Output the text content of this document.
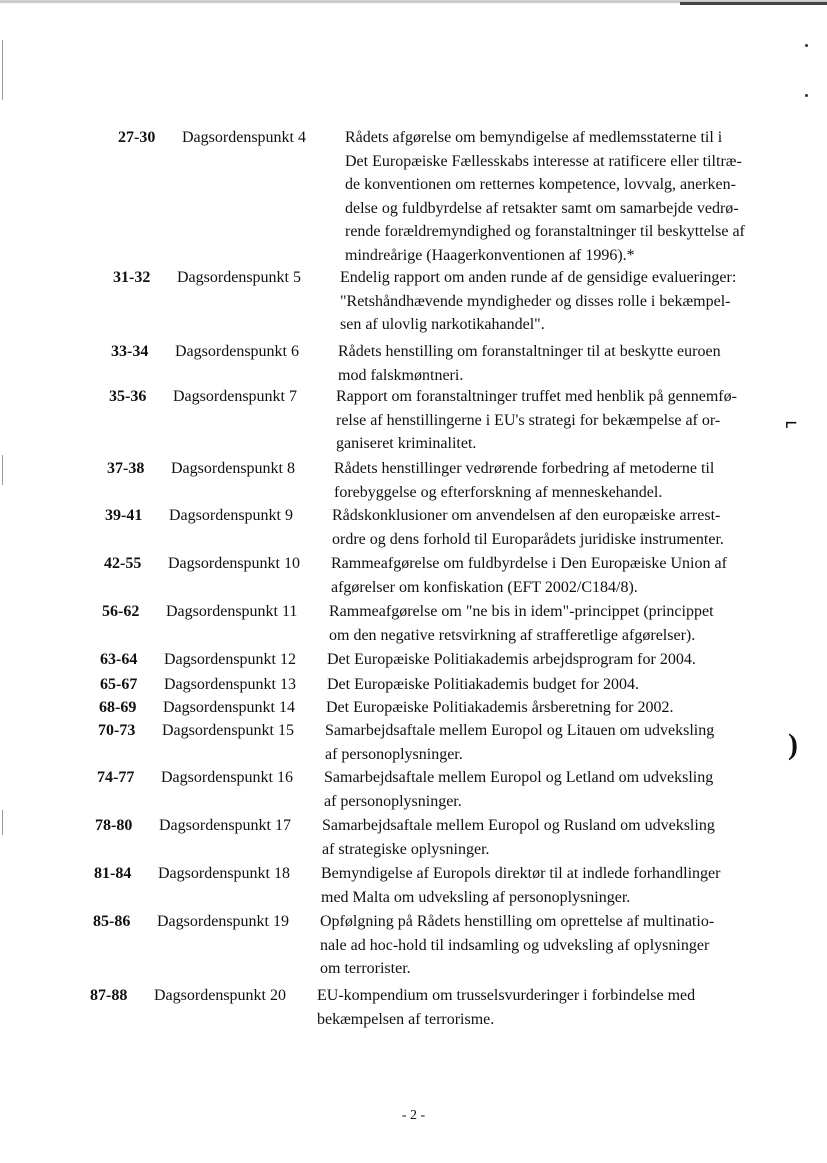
⌐
)
27-30 Dagsordenspunkt 4 Rådets afgørelse om bemyndigelse af medlemsstaterne til i
Det Europæiske Fællesskabs interesse at ratificere eller tiltræ-
de konventionen om retternes kompetence, lovvalg, anerken-
delse og fuldbyrdelse af retsakter samt om samarbejde vedrø-
rende forældremyndighed og foranstaltninger til beskyttelse af
mindreårige (Haagerkonventionen af 1996).*
31-32 Dagsordenspunkt 5 Endelig rapport om anden runde af de gensidige evalueringer:
"Retshåndhævende myndigheder og disses rolle i bekæmpel-
sen af ulovlig narkotikahandel".
33-34 Dagsordenspunkt 6 Rådets henstilling om foranstaltninger til at beskytte euroen
mod falskmøntneri.
35-36 Dagsordenspunkt 7 Rapport om foranstaltninger truffet med henblik på gennemfø-
relse af henstillingerne i EU's strategi for bekæmpelse af or-
ganiseret kriminalitet.
37-38 Dagsordenspunkt 8 Rådets henstillinger vedrørende forbedring af metoderne til
forebyggelse og efterforskning af menneskehandel.
39-41 Dagsordenspunkt 9 Rådskonklusioner om anvendelsen af den europæiske arrest-
ordre og dens forhold til Europarådets juridiske instrumenter.
42-55 Dagsordenspunkt 10 Rammeafgørelse om fuldbyrdelse i Den Europæiske Union af
afgørelser om konfiskation (EFT 2002/C184/8).
56-62 Dagsordenspunkt 11 Rammeafgørelse om "ne bis in idem"-princippet (princippet
om den negative retsvirkning af strafferetlige afgørelser).
63-64 Dagsordenspunkt 12 Det Europæiske Politiakademis arbejdsprogram for 2004.
65-67 Dagsordenspunkt 13 Det Europæiske Politiakademis budget for 2004.
68-69 Dagsordenspunkt 14 Det Europæiske Politiakademis årsberetning for 2002.
70-73 Dagsordenspunkt 15 Samarbejdsaftale mellem Europol og Litauen om udveksling
af personoplysninger.
74-77 Dagsordenspunkt 16 Samarbejdsaftale mellem Europol og Letland om udveksling
af personoplysninger.
78-80 Dagsordenspunkt 17 Samarbejdsaftale mellem Europol og Rusland om udveksling
af strategiske oplysninger.
81-84 Dagsordenspunkt 18 Bemyndigelse af Europols direktør til at indlede forhandlinger
med Malta om udveksling af personoplysninger.
85-86 Dagsordenspunkt 19 Opfølgning på Rådets henstilling om oprettelse af multinatio-
nale ad hoc-hold til indsamling og udveksling af oplysninger
om terrorister.
87-88 Dagsordenspunkt 20 EU-kompendium om trusselsvurderinger i forbindelse med
bekæmpelsen af terrorisme.
- 2 -
